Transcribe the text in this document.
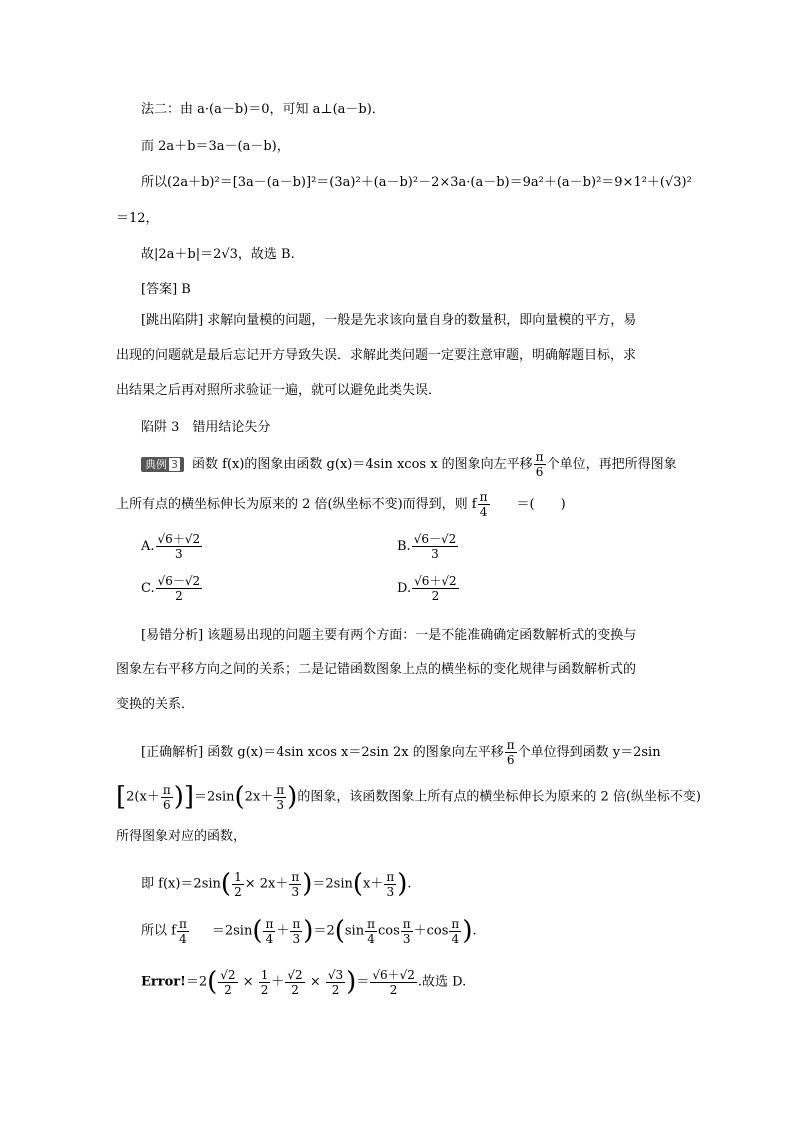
法二：由 a·(a－b)＝0，可知 a⊥(a－b)．
而 2a＋b＝3a－(a－b)，
所以(2a＋b)²＝[3a－(a－b)]²＝(3a)²＋(a－b)²－2×3a·(a－b)＝9a²＋(a－b)²＝9×1²＋(√3)²
＝12，
故|2a＋b|＝2√3，故选 B.
[答案] B
[跳出陷阱] 求解向量模的问题，一般是先求该向量自身的数量积，即向量模的平方，易
出现的问题就是最后忘记开方导致失误．求解此类问题一定要注意审题，明确解题目标，求
出结果之后再对照所求验证一遍，就可以避免此类失误．
陷阱 3　错用结论失分
典例 3 函数 f(x)的图象由函数 g(x)＝4sin xcos x 的图象向左平移 $\frac{\pi}{6}$ 个单位，再把所得图象
上所有点的横坐标伸长为原来的 2 倍(纵坐标不变)而得到，则 f $\frac{\pi}{4}$ ＝(　　)
A. $\frac{√6+√2}{3}$	B. $\frac{√6-√2}{3}$
C. $\frac{√6-√2}{2}$	D. $\frac{√6+√2}{2}$
[易错分析] 该题易出现的问题主要有两个方面：一是不能准确确定函数解析式的变换与
图象左右平移方向之间的关系；二是记错函数图象上点的横坐标的变化规律与函数解析式的
变换的关系．
[正确解析] 函数 g(x)＝4sin xcos x＝2sin 2x 的图象向左平移 $\frac{\pi}{6}$ 个单位得到函数 y＝2sin
$[2(x+ \frac{\pi}{6} )]=2\sin(2x+ \frac{\pi}{3}$ )的图象，该函数图象上所有点的横坐标伸长为原来的 2 倍(纵坐标不变)
所得图象对应的函数，
即 $f(x)=2\sin( \frac{1}{2} \times 2x+ \frac{\pi}{3} )=2\sin(x+ \frac{\pi}{3}$ ).
所以 f $\frac{\pi}{4} =2\sin( \frac{\pi}{4} + \frac{\pi}{3} )=2(\sin \frac{\pi}{4}$ $\cos \frac{\pi}{3} +\cos \frac{\pi}{4}$ ).
Error!＝2( $\frac{√2}{2} \times \frac{1}{2} + \frac{√2}{2} \times \frac{√3}{2}$ )＝ $\frac{√6+√2}{2}$ .故选 D.
